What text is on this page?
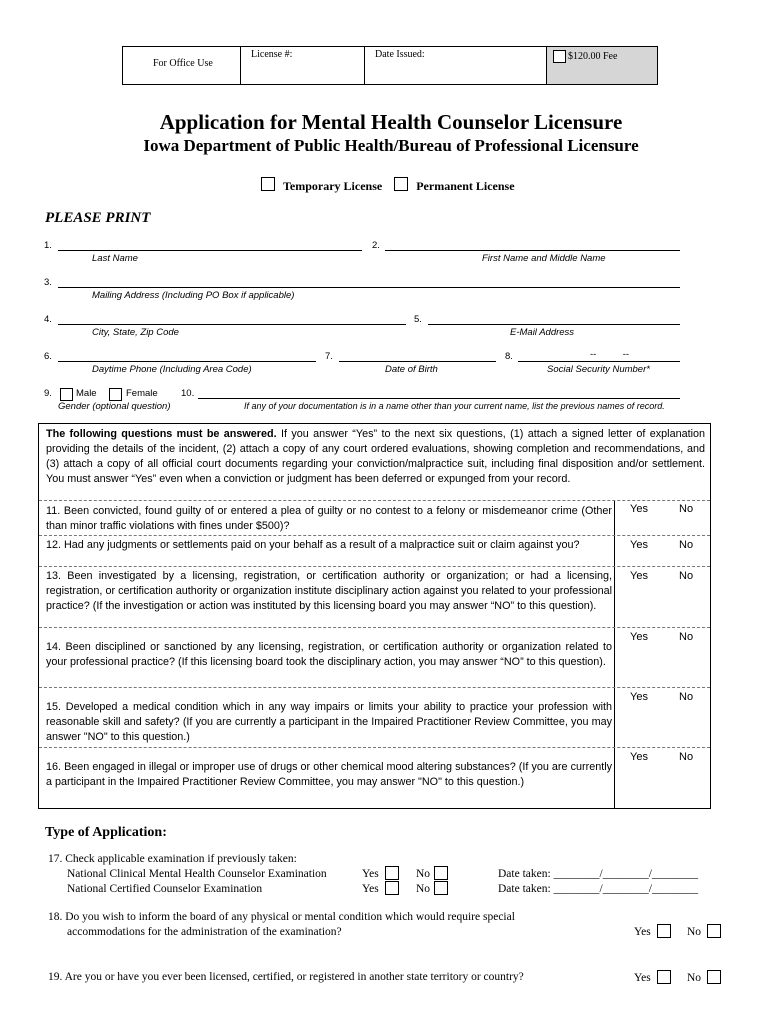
For Office Use
License #:	Date Issued:	$120.00 Fee
Application for Mental Health Counselor Licensure
Iowa Department of Public Health/Bureau of Professional Licensure
Temporary License	Permanent License
PLEASE PRINT
1.
Last Name
2.
First Name and Middle Name
3.
Mailing Address (Including PO Box if applicable)
4.
City, State, Zip Code
5.
E-Mail Address
6.
Daytime Phone (Including Area Code)
7.
Date of Birth
8.	--          --
Social Security Number*
9.	Male	Female
Gender (optional question)
10.
If any of your documentation is in a name other than your current name, list the previous names of record.
The following questions must be answered. If you answer “Yes” to the next six questions, (1) attach a signed letter of explanation providing the details of the incident, (2) attach a copy of any court ordered evaluations, showing completion and recommendations, and (3) attach a copy of all official court documents regarding your conviction/malpractice suit, including final disposition and/or settlement. You must answer “Yes” even when a conviction or judgment has been deferred or expunged from your record.
11. Been convicted, found guilty of or entered a plea of guilty or no contest to a felony or misdemeanor crime (Other than minor traffic violations with fines under $500)?
Yes	No
12. Had any judgments or settlements paid on your behalf as a result of a malpractice suit or claim against you?	Yes	No
13. Been investigated by a licensing, registration, or certification authority or organization; or had a licensing, registration, or certification authority or organization institute disciplinary action against you related to your professional practice? (If the investigation or action was instituted by this licensing board you may answer “NO” to this question).
Yes	No
14. Been disciplined or sanctioned by any licensing, registration, or certification authority or organization related to your professional practice? (If this licensing board took the disciplinary action, you may answer “NO” to this question).
Yes	No
15. Developed a medical condition which in any way impairs or limits your ability to practice your profession with reasonable skill and safety? (If you are currently a participant in the Impaired Practitioner Review Committee, you may answer "NO" to this question.)
Yes	No
16. Been engaged in illegal or improper use of drugs or other chemical mood altering substances? (If you are currently a participant in the Impaired Practitioner Review Committee, you may answer "NO" to this question.)
Yes	No
Type of Application:
17. Check applicable examination if previously taken:
National Clinical Mental Health Counselor Examination	Yes	No	Date taken: ________/________/________
National Certified Counselor Examination	Yes	No	Date taken: ________/________/________
18. Do you wish to inform the board of any physical or mental condition which would require special
accommodations for the administration of the examination?	Yes	No
19. Are you or have you ever been licensed, certified, or registered in another state territory or country?	Yes	No
